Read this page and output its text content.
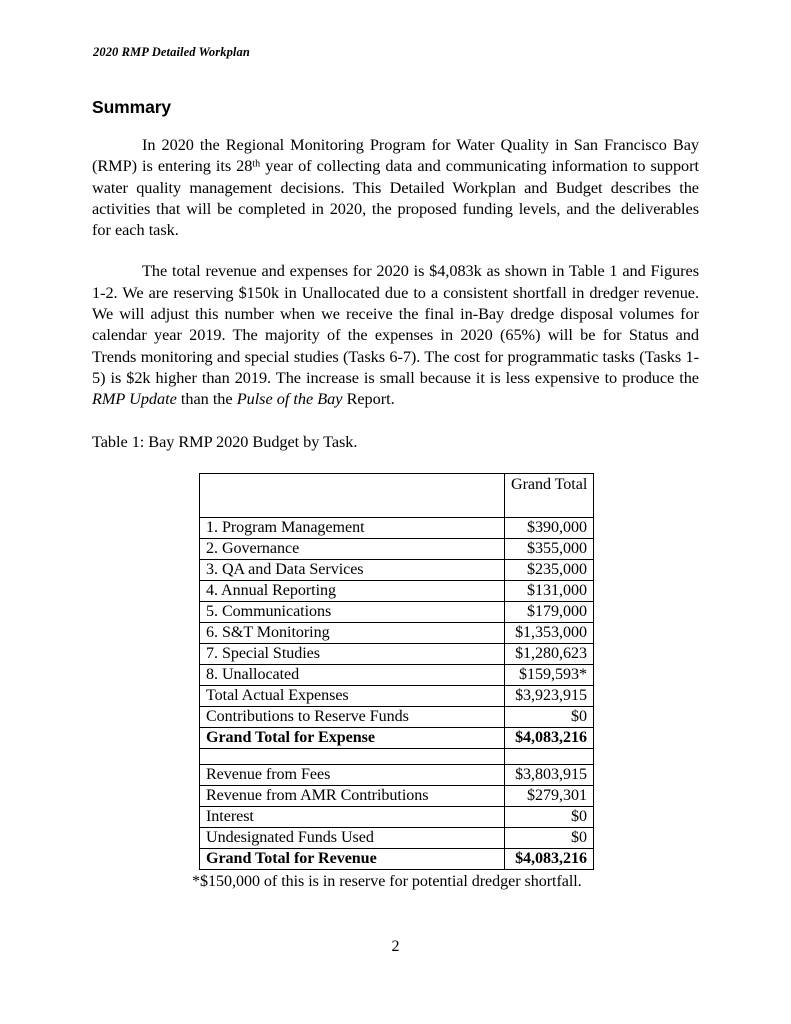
2020 RMP Detailed Workplan
Summary

In 2020 the Regional Monitoring Program for Water Quality in San Francisco Bay (RMP) is entering its 28th year of collecting data and communicating information to support water quality management decisions. This Detailed Workplan and Budget describes the activities that will be completed in 2020, the proposed funding levels, and the deliverables for each task.

The total revenue and expenses for 2020 is $4,083k as shown in Table 1 and Figures 1-2. We are reserving $150k in Unallocated due to a consistent shortfall in dredger revenue. We will adjust this number when we receive the final in-Bay dredge disposal volumes for calendar year 2019. The majority of the expenses in 2020 (65%) will be for Status and Trends monitoring and special studies (Tasks 6-7). The cost for programmatic tasks (Tasks 1-5) is $2k higher than 2019. The increase is small because it is less expensive to produce the RMP Update than the Pulse of the Bay Report.

Table 1: Bay RMP 2020 Budget by Task.

	Grand Total
1. Program Management	$390,000
2. Governance	$355,000
3. QA and Data Services	$235,000
4. Annual Reporting	$131,000
5. Communications	$179,000
6. S&T Monitoring	$1,353,000
7. Special Studies	$1,280,623
8. Unallocated	$159,593*
Total Actual Expenses	$3,923,915
Contributions to Reserve Funds	$0
Grand Total for Expense	$4,083,216

Revenue from Fees	$3,803,915
Revenue from AMR Contributions	$279,301
Interest	$0
Undesignated Funds Used	$0
Grand Total for Revenue	$4,083,216

*$150,000 of this is in reserve for potential dredger shortfall.

2
